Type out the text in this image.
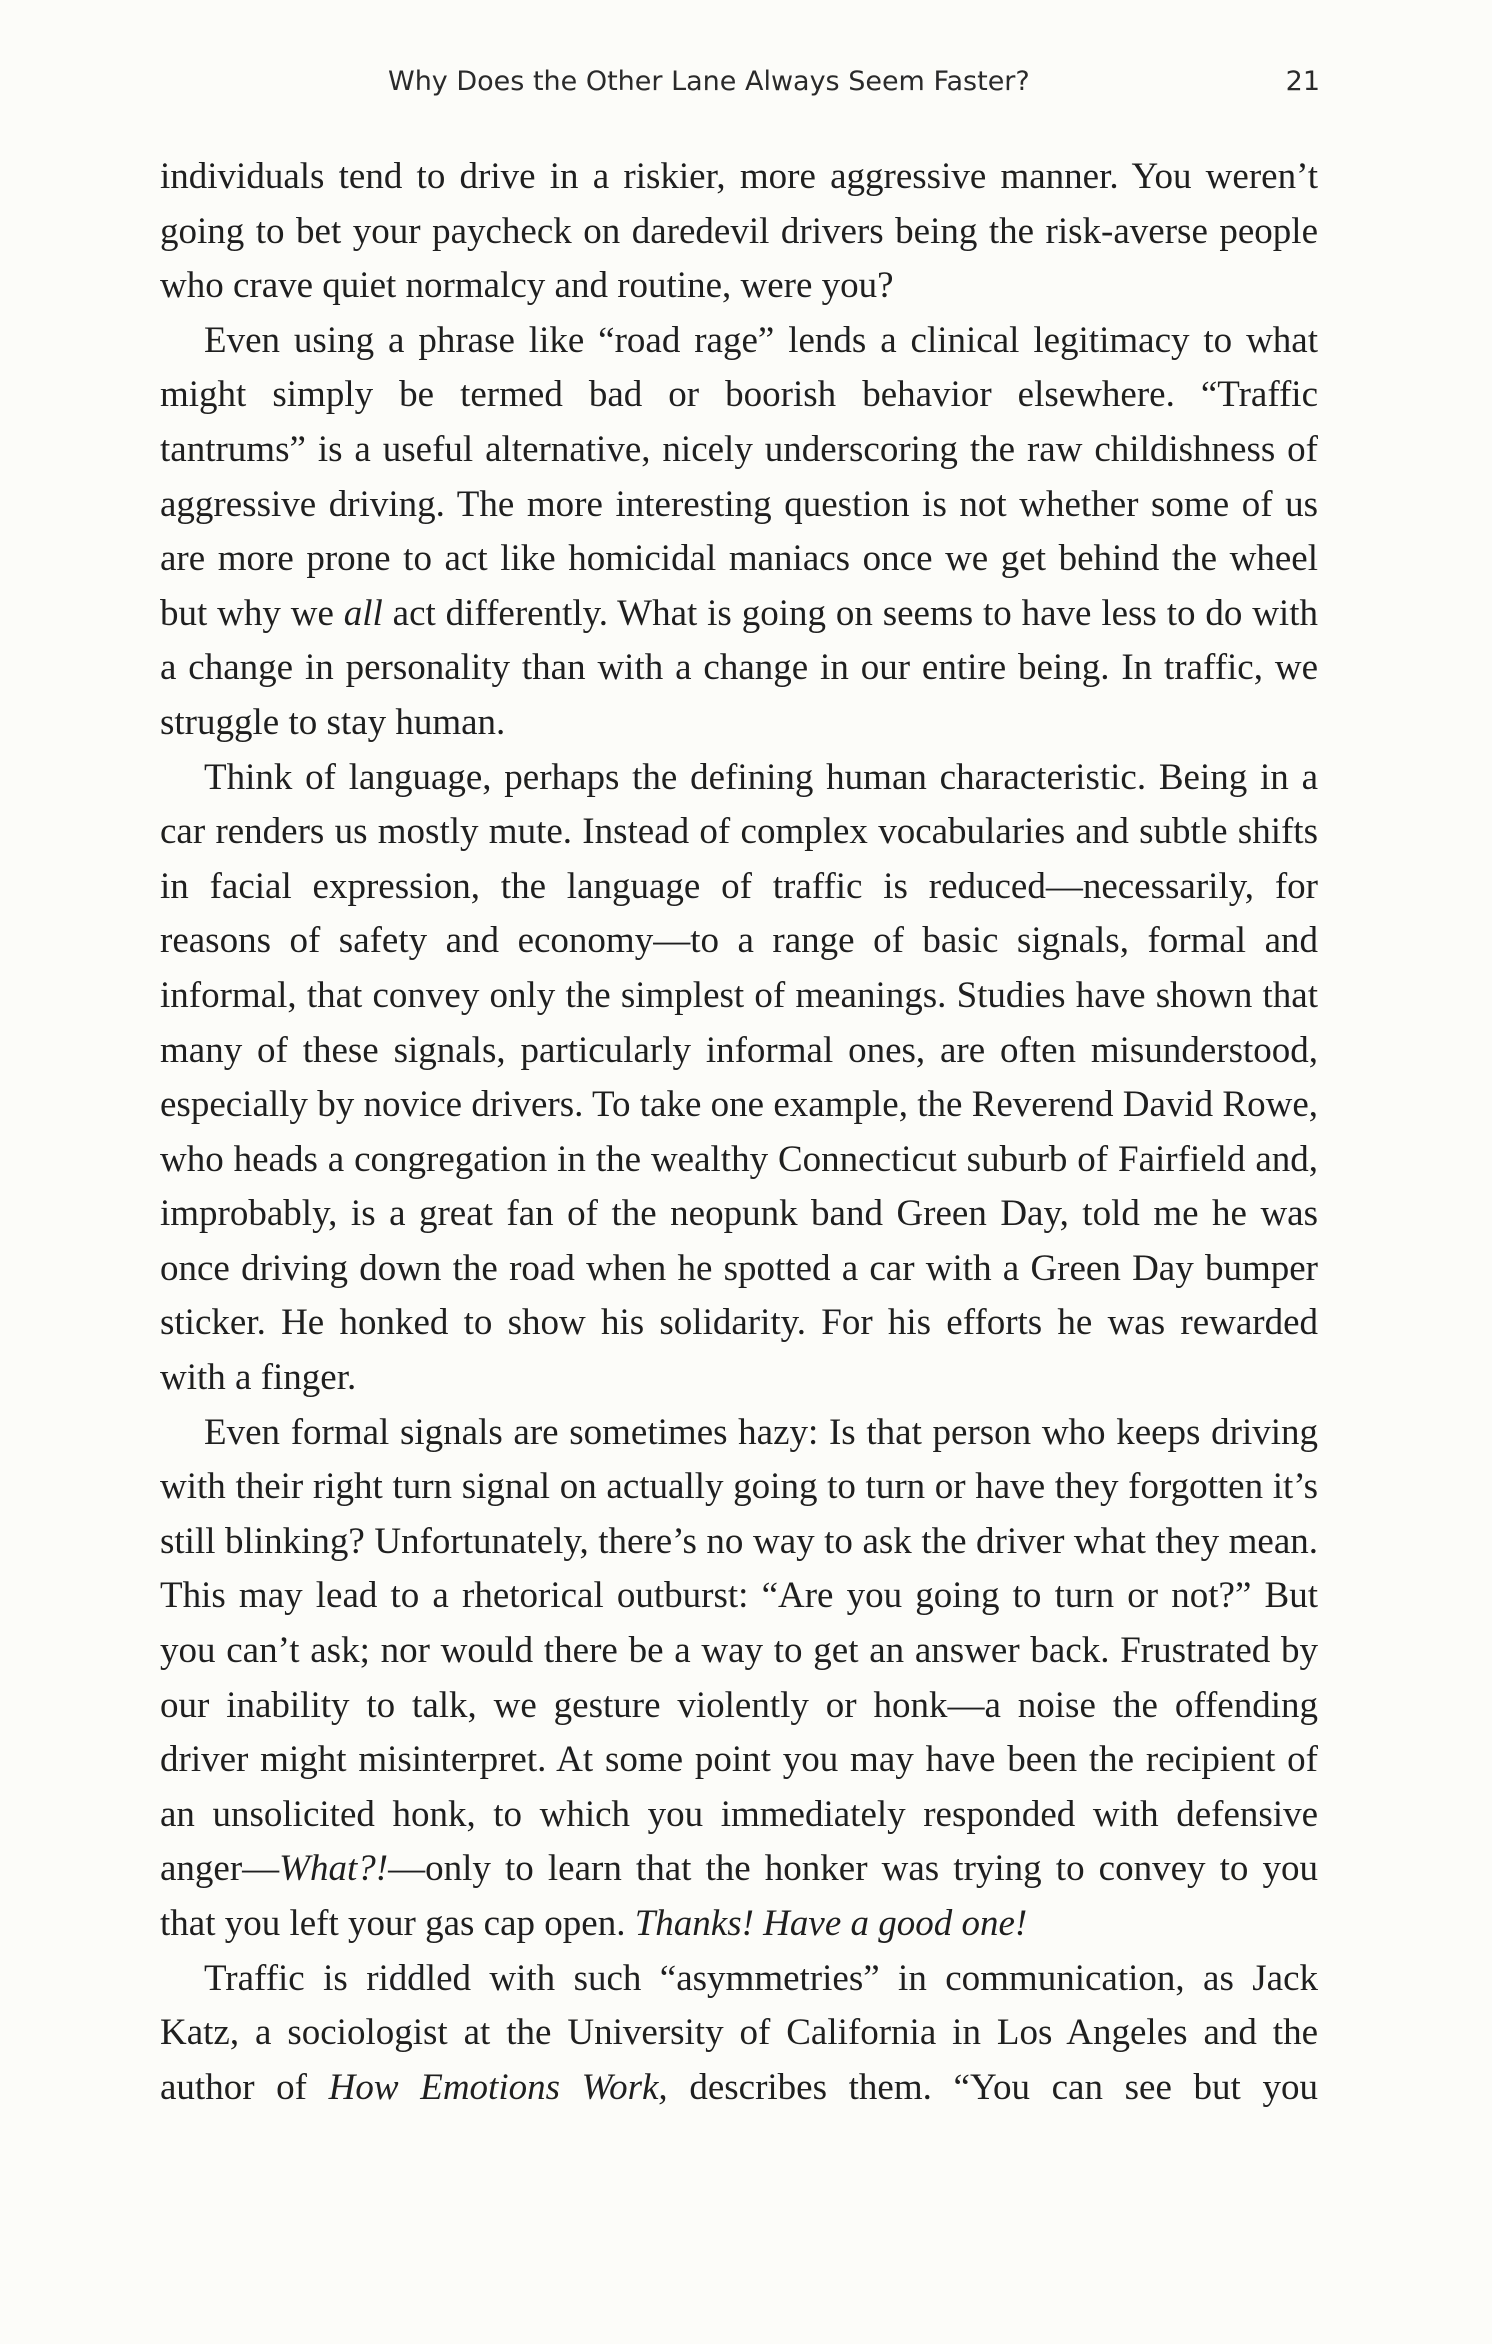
Why Does the Other Lane Always Seem Faster?	21

individuals tend to drive in a riskier, more aggressive manner. You weren’t going to bet your paycheck on daredevil drivers being the risk-averse people who crave quiet normalcy and routine, were you?

Even using a phrase like “road rage” lends a clinical legitimacy to what might simply be termed bad or boorish behavior elsewhere. “Traffic tantrums” is a useful alternative, nicely underscoring the raw childishness of aggressive driving. The more interesting question is not whether some of us are more prone to act like homicidal maniacs once we get behind the wheel but why we all act differently. What is going on seems to have less to do with a change in personality than with a change in our entire being. In traffic, we struggle to stay human.

Think of language, perhaps the defining human characteristic. Being in a car renders us mostly mute. Instead of complex vocabularies and subtle shifts in facial expression, the language of traffic is reduced—necessarily, for reasons of safety and economy—to a range of basic signals, formal and informal, that convey only the simplest of meanings. Studies have shown that many of these signals, particularly informal ones, are often misunderstood, especially by novice drivers. To take one example, the Reverend David Rowe, who heads a congregation in the wealthy Connecticut suburb of Fairfield and, improbably, is a great fan of the neopunk band Green Day, told me he was once driving down the road when he spotted a car with a Green Day bumper sticker. He honked to show his solidarity. For his efforts he was rewarded with a finger.

Even formal signals are sometimes hazy: Is that person who keeps driving with their right turn signal on actually going to turn or have they forgotten it’s still blinking? Unfortunately, there’s no way to ask the driver what they mean. This may lead to a rhetorical outburst: “Are you going to turn or not?” But you can’t ask; nor would there be a way to get an answer back. Frustrated by our inability to talk, we gesture violently or honk—a noise the offending driver might misinterpret. At some point you may have been the recipient of an unsolicited honk, to which you immediately responded with defensive anger—What?!—only to learn that the honker was trying to convey to you that you left your gas cap open. Thanks! Have a good one!

Traffic is riddled with such “asymmetries” in communication, as Jack Katz, a sociologist at the University of California in Los Angeles and the author of How Emotions Work, describes them. “You can see but you
